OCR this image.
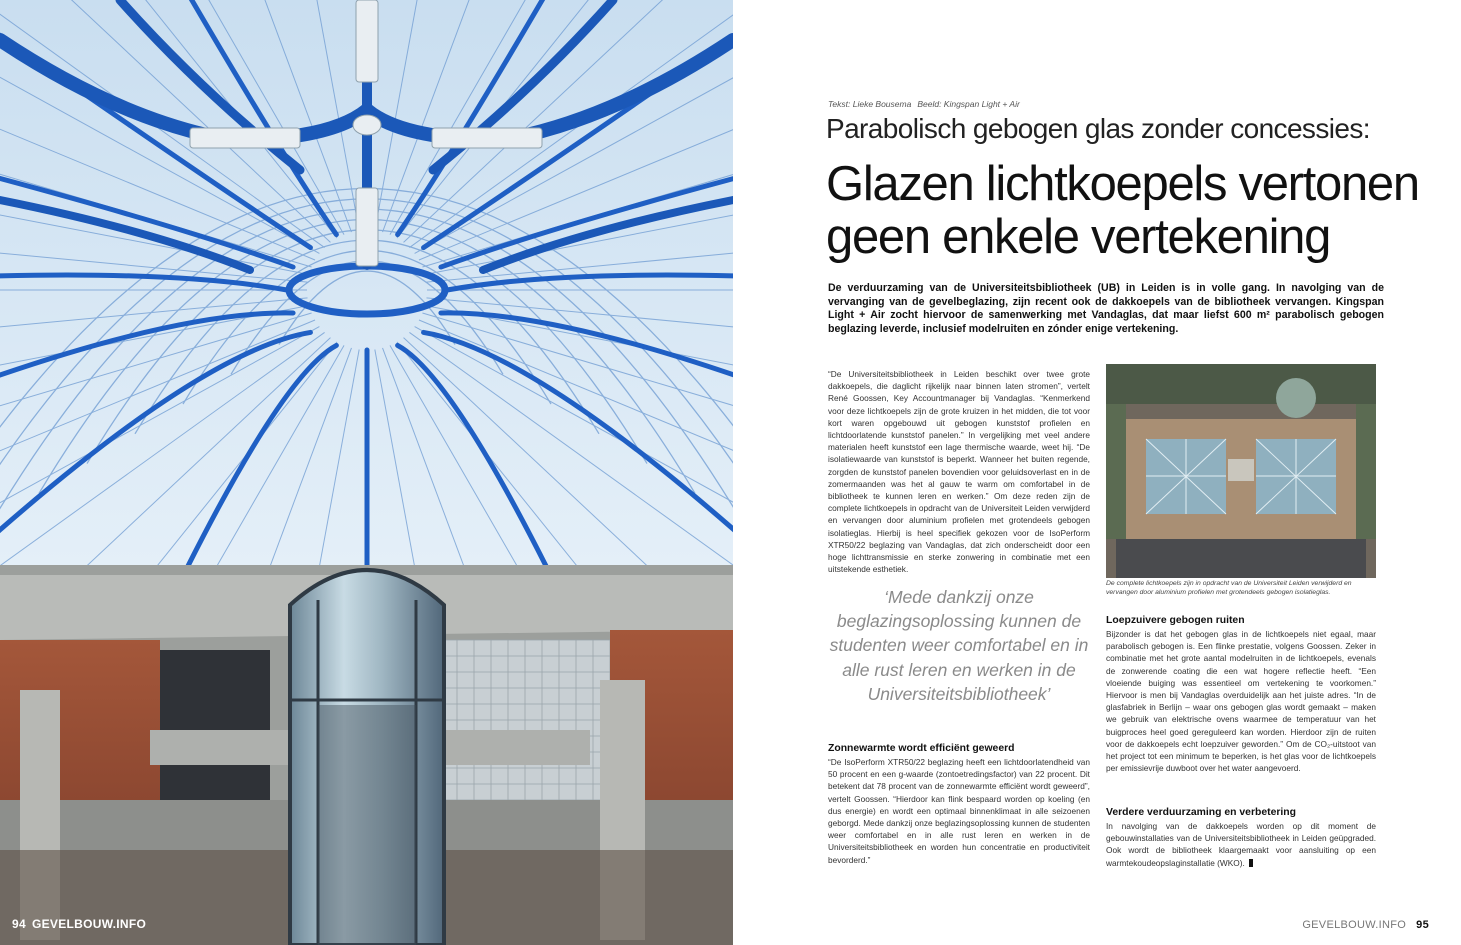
94 GEVELBOUW.INFO
Tekst: Lieke Bousema Beeld: Kingspan Light + Air
Parabolisch gebogen glas zonder concessies:
Glazen lichtkoepels vertonen geen enkele vertekening

De verduurzaming van de Universiteitsbibliotheek (UB) in Leiden is in volle gang. In navolging van de vervanging van de gevelbeglazing, zijn recent ook de dakkoepels van de bibliotheek vervangen. Kingspan Light + Air zocht hiervoor de samenwerking met Vandaglas, dat maar liefst 600 m² parabolisch gebogen beglazing leverde, inclusief modelruiten en zónder enige vertekening.

“De Universiteitsbibliotheek in Leiden beschikt over twee grote dakkoepels, die daglicht rijkelijk naar binnen laten stromen”, vertelt René Goossen, Key Accountmanager bij Vandaglas. “Kenmerkend voor deze lichtkoepels zijn de grote kruizen in het midden, die tot voor kort waren opgebouwd uit gebogen kunststof profielen en lichtdoorlatende kunststof panelen.” In vergelijking met veel andere materialen heeft kunststof een lage thermische waarde, weet hij. “De isolatiewaarde van kunststof is beperkt. Wanneer het buiten regende, zorgden de kunststof panelen bovendien voor geluidsoverlast en in de zomermaanden was het al gauw te warm om comfortabel in de bibliotheek te kunnen leren en werken.” Om deze reden zijn de complete lichtkoepels in opdracht van de Universiteit Leiden verwijderd en vervangen door aluminium profielen met grotendeels gebogen isolatieglas. Hierbij is heel specifiek gekozen voor de IsoPerform XTR50/22 beglazing van Vandaglas, dat zich onderscheidt door een hoge lichttransmissie en sterke zonwering in combinatie met een uitstekende esthetiek.

‘Mede dankzij onze beglazingsoplossing kunnen de studenten weer comfortabel en in alle rust leren en werken in de Universiteitsbibliotheek’
Zonnewarmte wordt efficiënt geweerd

“De IsoPerform XTR50/22 beglazing heeft een lichtdoorlatendheid van 50 procent en een g-waarde (zontoetredingsfactor) van 22 procent. Dit betekent dat 78 procent van de zonnewarmte efficiënt wordt geweerd”, vertelt Goossen. “Hierdoor kan flink bespaard worden op koeling (en dus energie) en wordt een optimaal binnenklimaat in alle seizoenen geborgd. Mede dankzij onze beglazingsoplossing kunnen de studenten weer comfortabel en in alle rust leren en werken in de Universiteitsbibliotheek en worden hun concentratie en productiviteit bevorderd.”

De complete lichtkoepels zijn in opdracht van de Universiteit Leiden verwijderd en vervangen door aluminium profielen met grotendeels gebogen isolatieglas.

Loepzuivere gebogen ruiten

Bijzonder is dat het gebogen glas in de lichtkoepels niet egaal, maar parabolisch gebogen is. Een flinke prestatie, volgens Goossen. Zeker in combinatie met het grote aantal modelruiten in de lichtkoepels, evenals de zonwerende coating die een wat hogere reflectie heeft. “Een vloeiende buiging was essentieel om vertekening te voorkomen.” Hiervoor is men bij Vandaglas overduidelijk aan het juiste adres. “In de glasfabriek in Berlijn – waar ons gebogen glas wordt gemaakt – maken we gebruik van elektrische ovens waarmee de temperatuur van het buigproces heel goed gereguleerd kan worden. Hierdoor zijn de ruiten voor de dakkoepels echt loepzuiver geworden.” Om de CO₂-uitstoot van het project tot een minimum te beperken, is het glas voor de lichtkoepels per emissievrije duwboot over het water aangevoerd.

Verdere verduurzaming en verbetering

In navolging van de dakkoepels worden op dit moment de gebouwinstallaties van de Universiteitsbibliotheek in Leiden geüpgraded. Ook wordt de bibliotheek klaargemaakt voor aansluiting op een warmtekoudeopslaginstallatie (WKO).

GEVELBOUW.INFO 95
